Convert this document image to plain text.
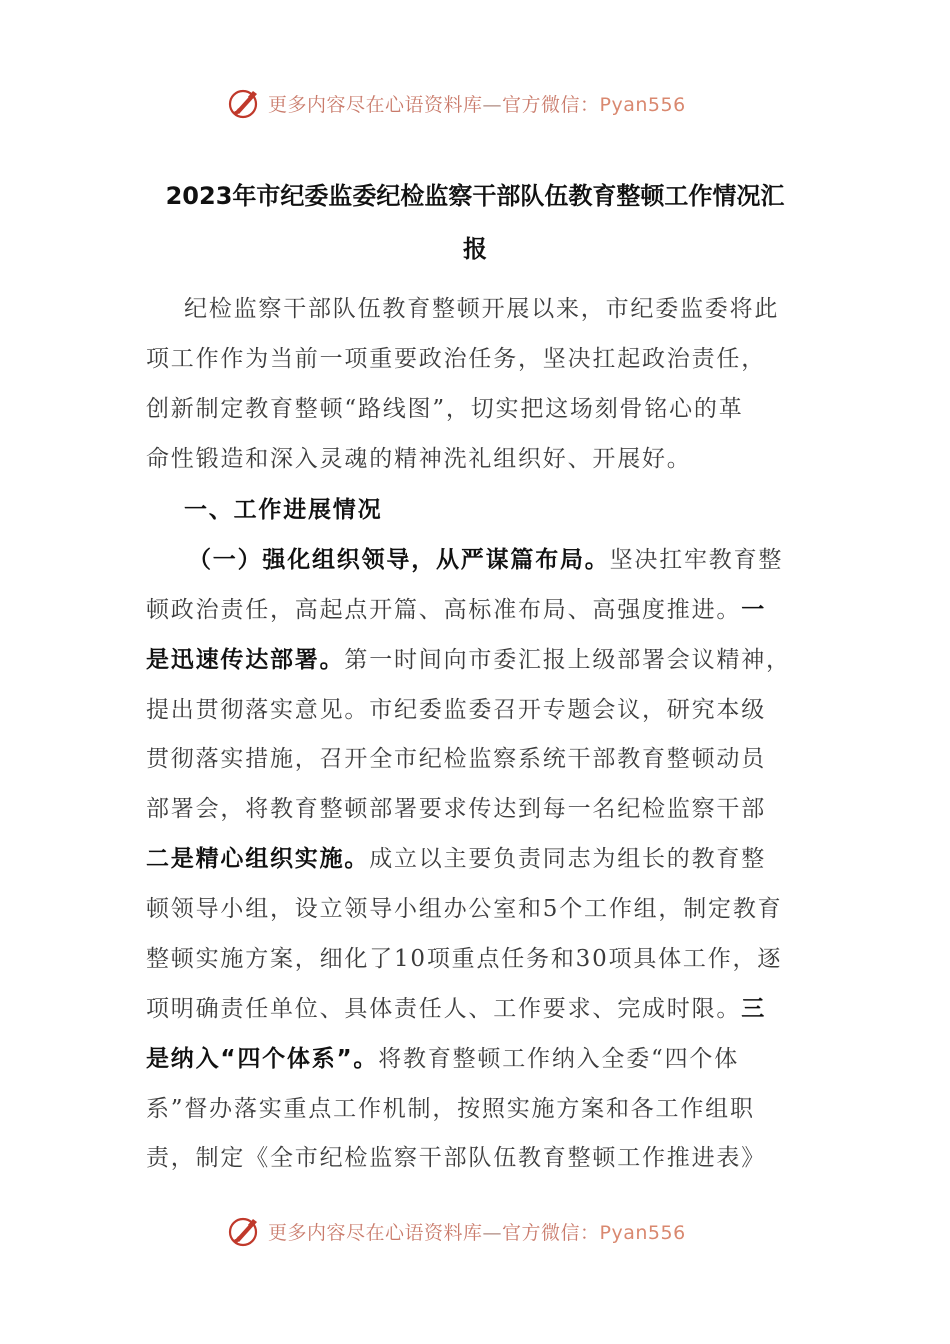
更多内容尽在心语资料库—官方微信：Pyan556
2023年市纪委监委纪检监察干部队伍教育整顿工作情况汇
报
纪检监察干部队伍教育整顿开展以来，市纪委监委将此
项工作作为当前一项重要政治任务，坚决扛起政治责任，
创新制定教育整顿“路线图”，切实把这场刻骨铭心的革
命性锻造和深入灵魂的精神洗礼组织好、开展好。
一、工作进展情况
（一）强化组织领导，从严谋篇布局。坚决扛牢教育整
顿政治责任，高起点开篇、高标准布局、高强度推进。一
是迅速传达部署。第一时间向市委汇报上级部署会议精神，
提出贯彻落实意见。市纪委监委召开专题会议，研究本级
贯彻落实措施，召开全市纪检监察系统干部教育整顿动员
部署会，将教育整顿部署要求传达到每一名纪检监察干部
二是精心组织实施。成立以主要负责同志为组长的教育整
顿领导小组，设立领导小组办公室和5个工作组，制定教育
整顿实施方案，细化了10项重点任务和30项具体工作，逐
项明确责任单位、具体责任人、工作要求、完成时限。三
是纳入“四个体系”。将教育整顿工作纳入全委“四个体
系”督办落实重点工作机制，按照实施方案和各工作组职
责，制定《全市纪检监察干部队伍教育整顿工作推进表》
更多内容尽在心语资料库—官方微信：Pyan556
